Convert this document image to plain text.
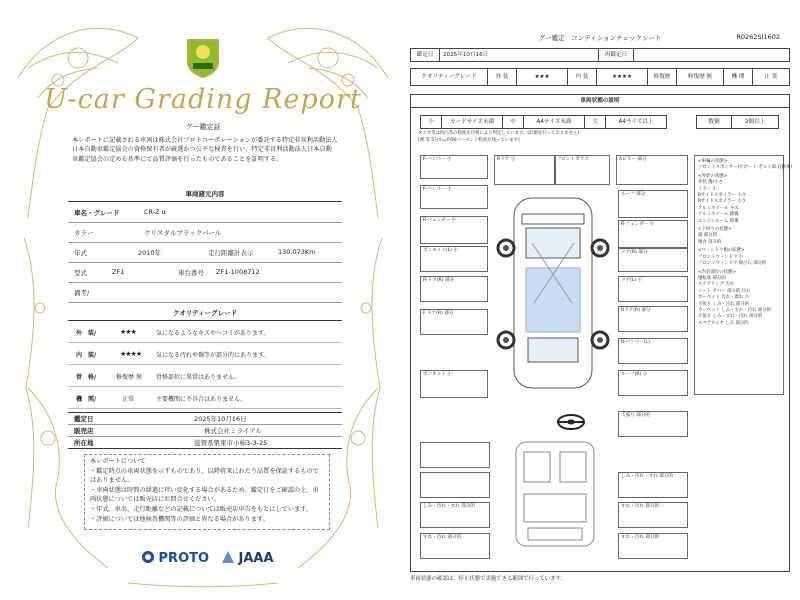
U-car Grading Report
グー鑑定証
本レポートに記載される車両は株式会社プロトコーポレーションが委託する特定非営利活動法人日本自動車鑑定協会の資格保有者が厳選かつ公平な検査を行い、特定非営利活動法人日本自動車鑑定協会の定める基準にて品質評価を行ったものであることを証明する。
車両諸元内容
車名・グレード	CR-Z α
カラー	クリスタルブラックパール
年式	2010年	走行距離計表示	130,073Km
型式	ZF1	車台番号 ZF1-1008712
備考/
クオリティーグレード
外　装/	★★★	気になるようなキズやヘコミがあります。
内　装/	★★★★ 気になる汚れや傷等が部分的にあります。
骨　格/	修復歴 無 骨格部位に異常はありません。
機　関/	正常	主要機関に不具合はありません。
鑑定日	2025年10月16日
販売店	株式会社ミライアル
所在地	滋賀県栗東市小柿3-3-25
本レポートについて
・鑑定時点の車両状態を示すものであり、以降将来にわたり品質を保証するものではありません。
・車両状態は時間の経過に伴い変化する場合があるため、鑑定日をご確認の上、車両状態については販売店にお問合せください。
・年式、車名、走行距離などの記載については販売店申告をもとにしています。
・評価については他検査機関等の評価と異なる場合があります。
PROTO	JAAA
グー鑑定　コンディションチェックシート	R0262SI1602
鑑定日	2025年10月16日	再鑑定日
クオリティーグレード	外 装	★★★	内 装	★★★★	修復歴	修復歴 無	機 関	正 常
車両状態の説明
小	カードサイズ未満	中	A4サイズ未満	大	A4サイズ以上	数個	2個以上
タイヤ等は凹凸等の程度を目視により判定しています。(計測を行っておりません)
[例 等 5分山=約50パーセント程度が残っています]
F-バンパー 小	Rドア 小	フロントガラス	Aピラー 部分
F-バンパー 小
R-フェンダー 小
R-ドア(R) 部分
F ドア(R) 部分
ボンネット 小
ボンネット(L) 小
ルーフ 部分
R-フェンダー 小
ドア(L) 小
Rドア(R) 部分
R-バンパー(L)
ルーフ(R) 小
ドア(R) 部分
天張り 部分的
しみ・汚れ・すれ 部分的
すれ・汚れ 部分的
しみ・汚れ・すれ 部分的
すれ・汚れ 部分的
すれ・汚れ 部分的
<車輪の状態>
フロントスポンサー(サポート-ボルト部 自動車)
<外装の状態>
外装 傷/小さ
ミラー 小
Rサイドスポイラー 小さ
Rサイドスポイラー 小さ
アルミホイール キズ
アルミホイール 擦傷
エンジンルーム 擦傷
<下回りの状態>
錆 部分的
腐食 部分的
<ウィンドウ類の状態>
フロントウィンドウ 小
フロントウィンドウ 飛び石 部分的
<内装部位の状態>
運転席 部分的
ステアリング 汚れ
シート カバー 部分的 汚れ
カーペット 汚れ・擦れ 小
天張り しみ・汚れ 部分的
カーペット しみ・すれ・汚れ 部分的
天張り しみ・すれ・汚れ 部分的
スペアタイヤ しみ 部分的
車両状態の確認は、停止状態で実施できる範囲で行っています。
